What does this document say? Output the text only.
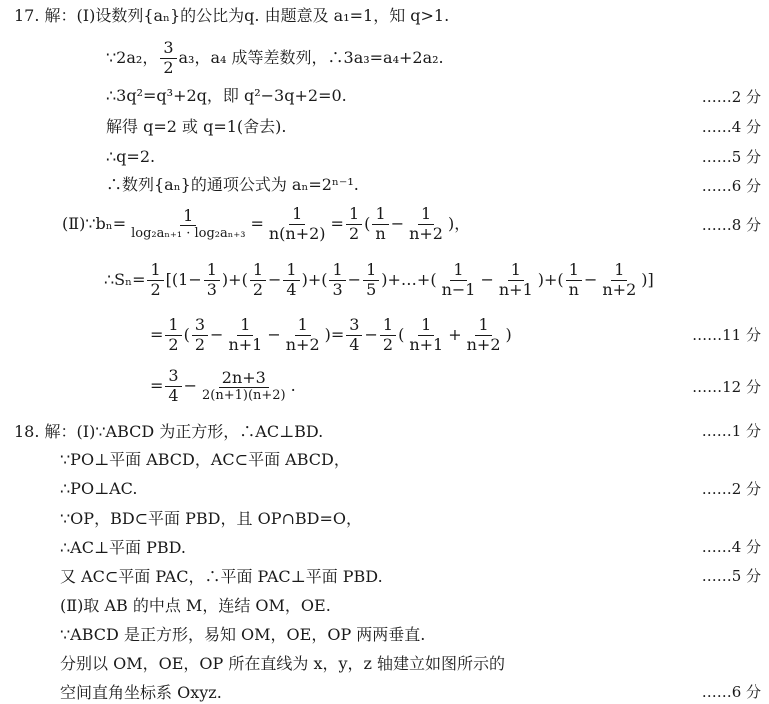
17. 解：(Ⅰ)设数列{aₙ}的公比为q. 由题意及 a₁=1，知 q>1.
∵2a₂， $\frac{3}{2} a_3$，a₄ 成等差数列，∴3a₃=a₄+2a₂.
∴3q²=q³+2q，即 q²−3q+2=0.	……2 分
解得 q=2 或 q=1(舍去).	……4 分
∴q=2.	……5 分
∴数列{aₙ}的通项公式为 aₙ=2ⁿ⁻¹.	……6 分
(Ⅱ)∵bₙ= $\frac{1}{\text{log₂aₙ₊₁ · log₂aₙ₊₃}} = \frac{1}{n(n+2)} = \frac{1}{2}$ ( $\frac{1}{n} - \frac{1}{n+2}$ )，	……8 分
∴Sₙ= $\frac{1}{2} [(1- \frac{1}{3}$ )+( $\frac{1}{2} - \frac{1}{4}$ )+( $\frac{1}{3} - \frac{1}{5}$ )+…+( $\frac{1}{n-1} - \frac{1}{n+1}$ )+( $\frac{1}{n} - \frac{1}{n+2}$ )]
= $\frac{1}{2}$ ( $\frac{3}{2} - \frac{1}{n+1} - \frac{1}{n+2}$ )= $\frac{3}{4} - \frac{1}{2}$ ( $\frac{1}{n+1} + \frac{1}{n+2}$ )	……11 分
= $\frac{3}{4} - \frac{2n+3}{2(n+1)(n+2)}$ .	……12 分
18. 解：(Ⅰ)∵ABCD 为正方形，∴AC⊥BD.	……1 分
∵PO⊥平面 ABCD，AC⊂平面 ABCD，
∴PO⊥AC.	……2 分
∵OP，BD⊂平面 PBD，且 OP∩BD=O，
∴AC⊥平面 PBD.	……4 分
又 AC⊂平面 PAC，∴平面 PAC⊥平面 PBD.	……5 分
(Ⅱ)取 AB 的中点 M，连结 OM，OE.
∵ABCD 是正方形，易知 OM，OE，OP 两两垂直.
分别以 OM，OE，OP 所在直线为 x，y，z 轴建立如图所示的
空间直角坐标系 Oxyz.	……6 分
